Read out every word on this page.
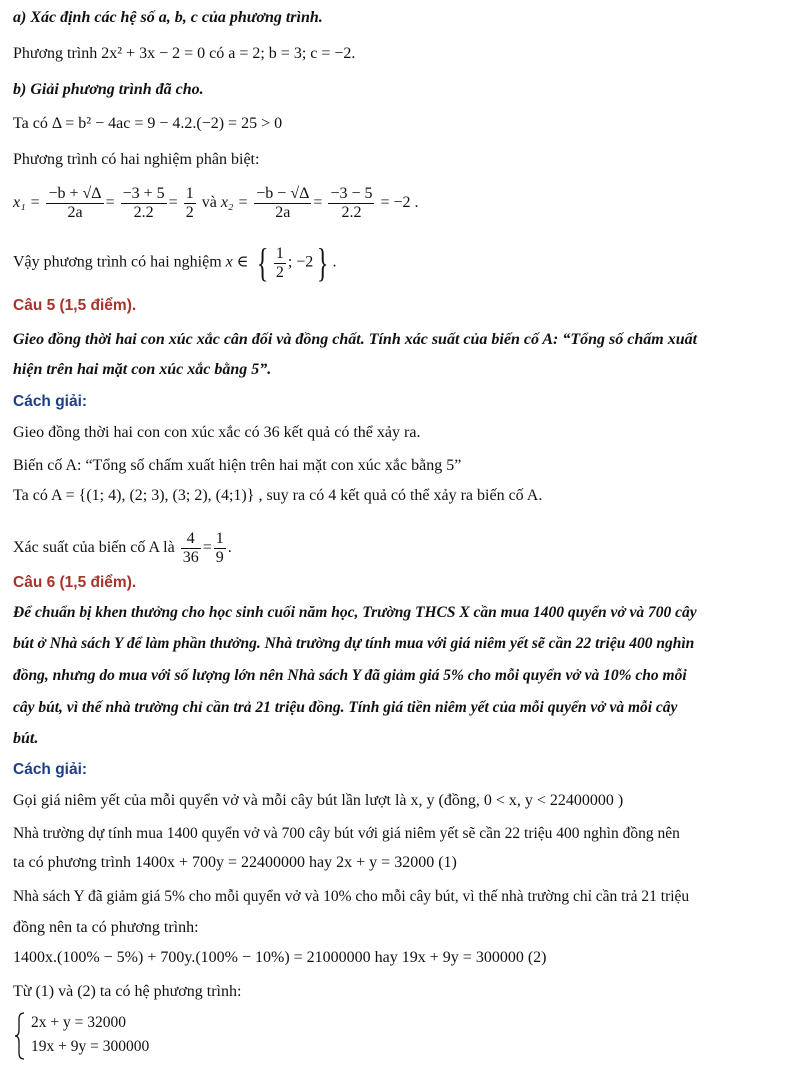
a) Xác định các hệ số a, b, c của phương trình.
Phương trình 2x² + 3x − 2 = 0 có a = 2; b = 3; c = −2.
b) Giải phương trình đã cho.
Ta có Δ = b² − 4ac = 9 − 4.2.(−2) = 25 > 0
Phương trình có hai nghiệm phân biệt:
$x_1 = \frac{-b + √\Delta}{2a} = \frac{-3 + 5}{2.2} = \frac{1}{2}$ và $x_2 = \frac{-b - √\Delta}{2a} = \frac{-3 - 5}{2.2} = -2$ .
Vậy phương trình có hai nghiệm x ∈ { $\frac{1}{2}$ ; −2} .
Câu 5 (1,5 điểm).
Gieo đồng thời hai con xúc xắc cân đối và đồng chất. Tính xác suất của biến cố A: “Tổng số chấm xuất
hiện trên hai mặt con xúc xắc bằng 5”.
Cách giải:
Gieo đồng thời hai con con xúc xắc có 36 kết quả có thể xảy ra.
Biến cố A: “Tổng số chấm xuất hiện trên hai mặt con xúc xắc bằng 5”
Ta có A = {(1; 4), (2; 3), (3; 2), (4;1)} , suy ra có 4 kết quả có thể xảy ra biến cố A.
Xác suất của biến cố A là $\frac{4}{36} = \frac{1}{9}$ .
Câu 6 (1,5 điểm).
Để chuẩn bị khen thưởng cho học sinh cuối năm học, Trường THCS X cần mua 1400 quyển vở và 700 cây
bút ở Nhà sách Y để làm phần thưởng. Nhà trường dự tính mua với giá niêm yết sẽ cần 22 triệu 400 nghìn
đồng, nhưng do mua với số lượng lớn nên Nhà sách Y đã giảm giá 5% cho mỗi quyển vở và 10% cho mỗi
cây bút, vì thế nhà trường chỉ cần trả 21 triệu đồng. Tính giá tiền niêm yết của mỗi quyển vở và mỗi cây
bút.
Cách giải:
Gọi giá niêm yết của mỗi quyển vở và mỗi cây bút lần lượt là x, y (đồng, 0 < x, y < 22400000 )
Nhà trường dự tính mua 1400 quyển vở và 700 cây bút với giá niêm yết sẽ cần 22 triệu 400 nghìn đồng nên
ta có phương trình 1400x + 700y = 22400000 hay 2x + y = 32000 (1)
Nhà sách Y đã giảm giá 5% cho mỗi quyển vở và 10% cho mỗi cây bút, vì thế nhà trường chỉ cần trả 21 triệu
đồng nên ta có phương trình:
1400x.(100% − 5%) + 700y.(100% − 10%) = 21000000 hay 19x + 9y = 300000 (2)
Từ (1) và (2) ta có hệ phương trình:
2x + y = 32000
19x + 9y = 300000
